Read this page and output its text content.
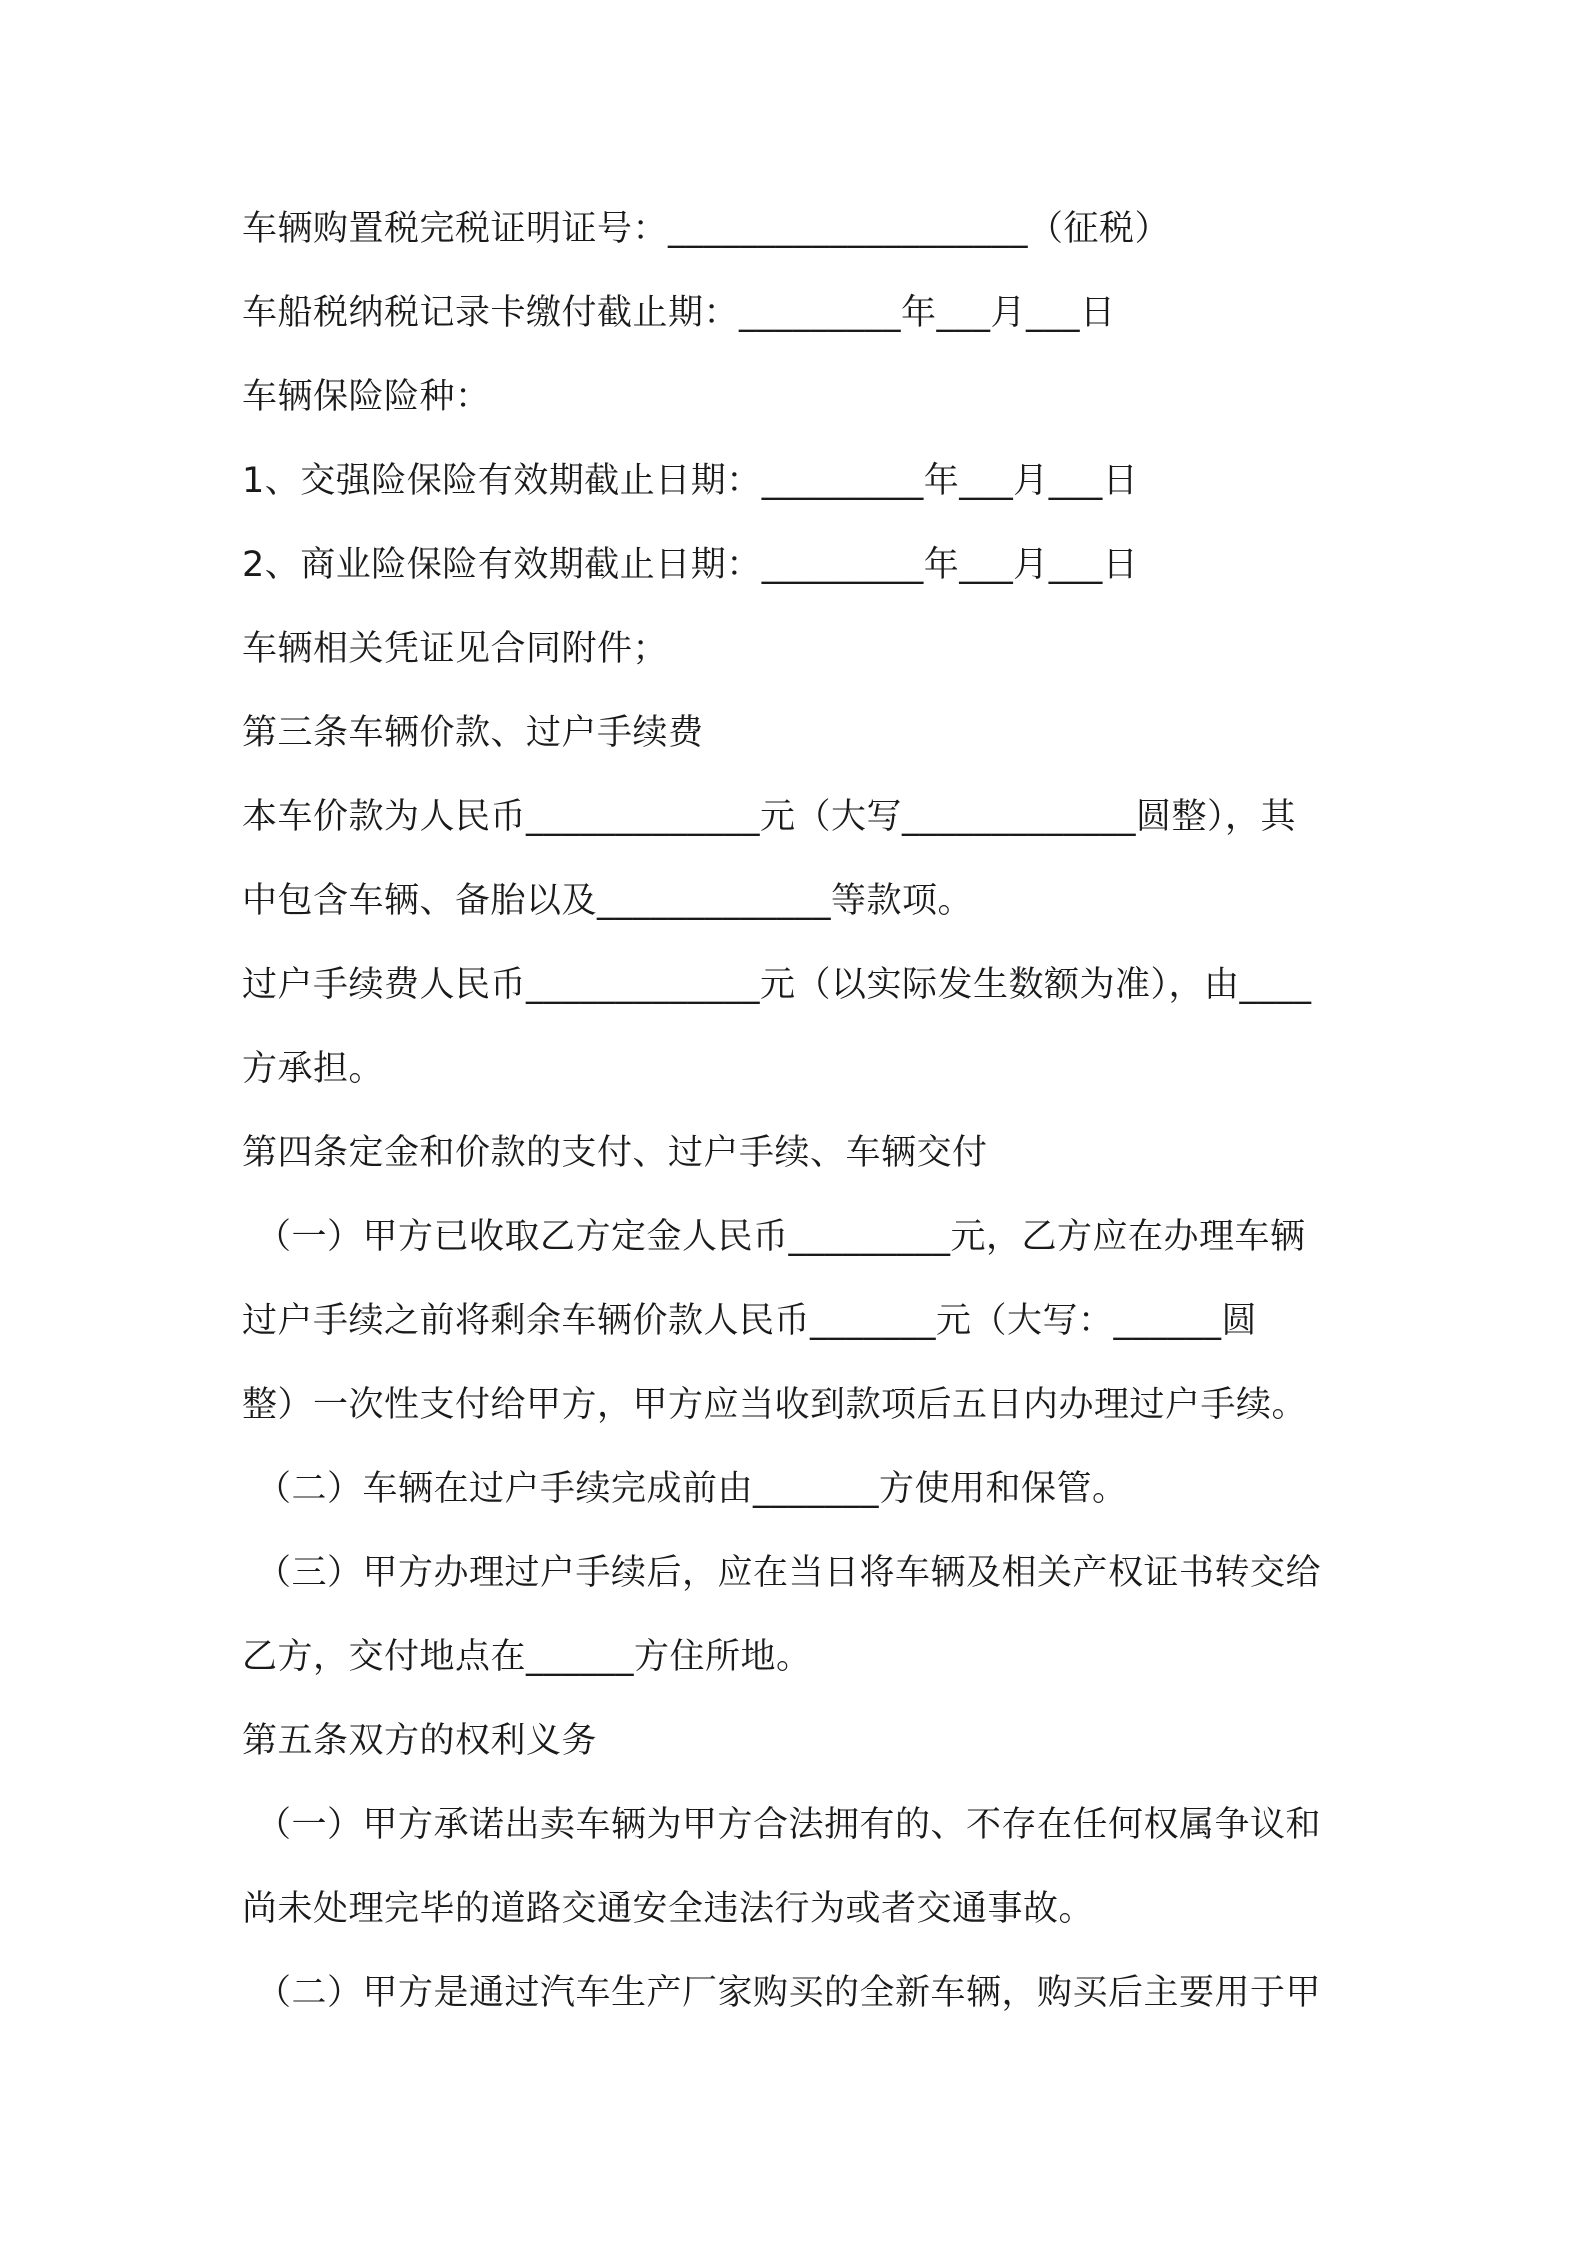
车辆购置税完税证明证号：____________________（征税）
车船税纳税记录卡缴付截止期：_________年___月___日
车辆保险险种：
1、交强险保险有效期截止日期：_________年___月___日
2、商业险保险有效期截止日期：_________年___月___日
车辆相关凭证见合同附件；
第三条车辆价款、过户手续费
本车价款为人民币_____________元（大写_____________圆整），其
中包含车辆、备胎以及_____________等款项。
过户手续费人民币_____________元（以实际发生数额为准），由____
方承担。
第四条定金和价款的支付、过户手续、车辆交付
（一）甲方已收取乙方定金人民币_________元，乙方应在办理车辆
过户手续之前将剩余车辆价款人民币_______元（大写：______圆
整）一次性支付给甲方，甲方应当收到款项后五日内办理过户手续。
（二）车辆在过户手续完成前由_______方使用和保管。
（三）甲方办理过户手续后，应在当日将车辆及相关产权证书转交给
乙方，交付地点在______方住所地。
第五条双方的权利义务
（一）甲方承诺出卖车辆为甲方合法拥有的、不存在任何权属争议和
尚未处理完毕的道路交通安全违法行为或者交通事故。
（二）甲方是通过汽车生产厂家购买的全新车辆，购买后主要用于甲
